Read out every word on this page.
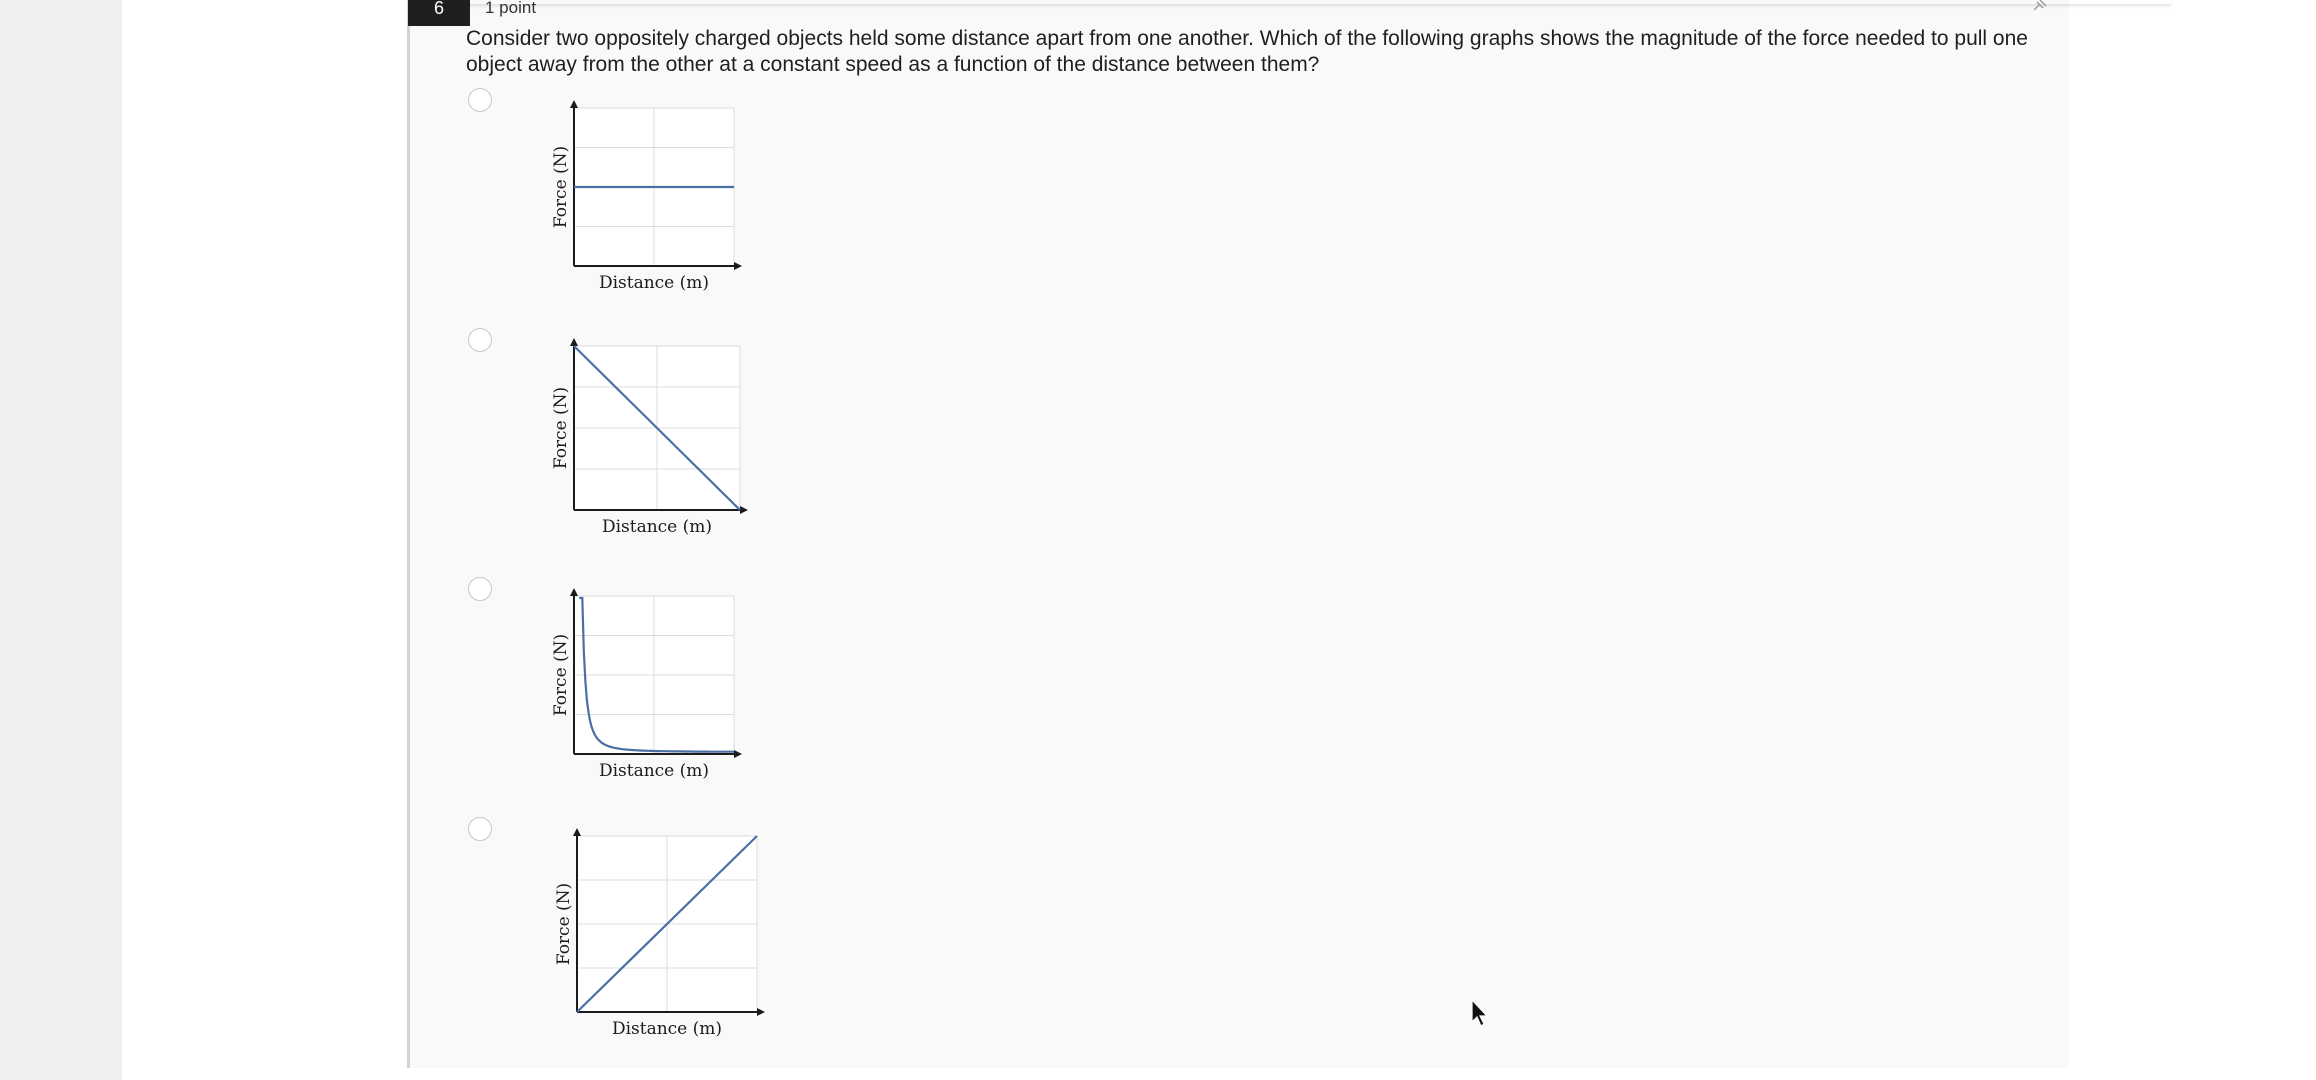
6	1 point
Consider two oppositely charged objects held some distance apart from one another. Which of the following graphs shows the magnitude of the force needed to pull one object away from the other at a constant speed as a function of the distance between them?
Distance (m)
Force (N)
Distance (m)
Force (N)
Distance (m)
Force (N)
Distance (m)
Force (N)
